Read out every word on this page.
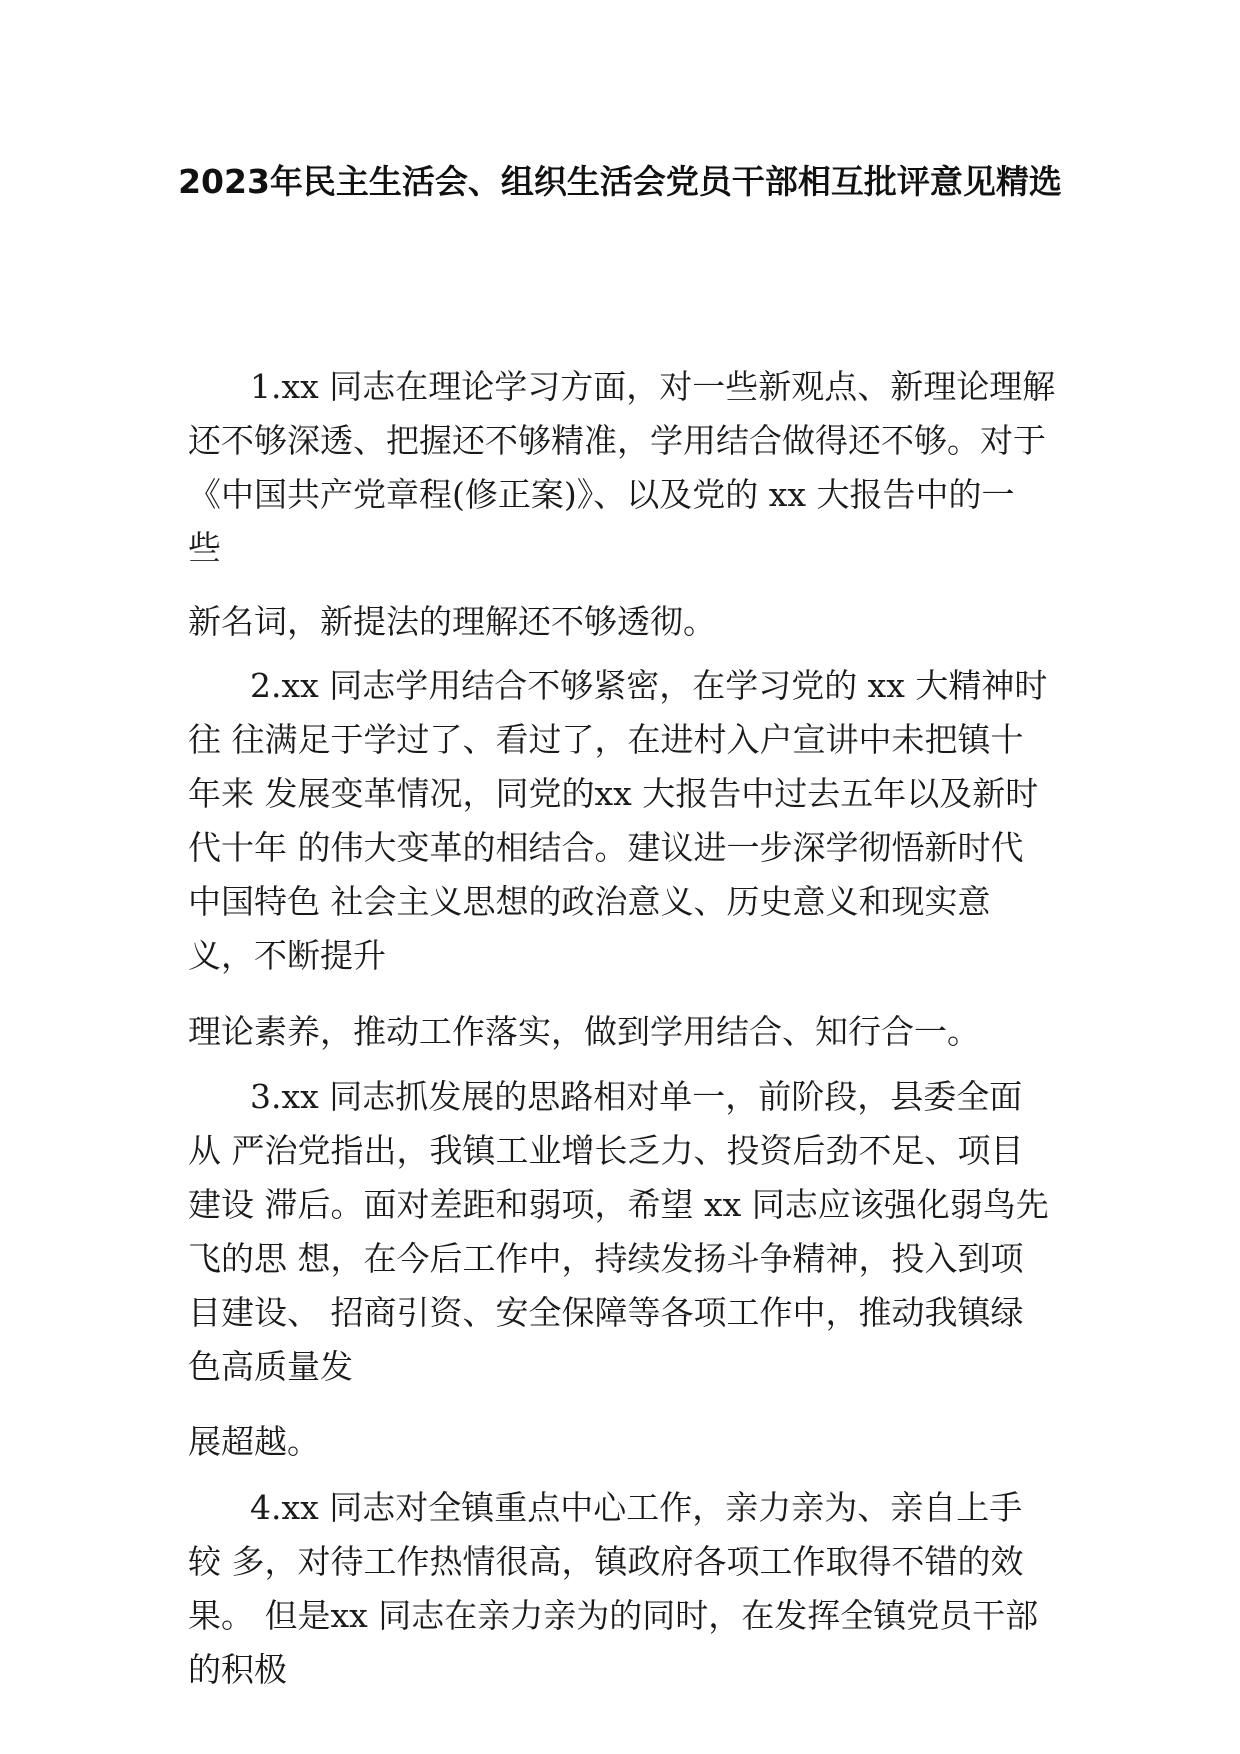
2023年民主生活会、组织生活会党员干部相互批评意见精选
1.xx 同志在理论学习方面，对一些新观点、新理论理解
还不够深透、把握还不够精准，学用结合做得还不够。对于
《中国共产党章程(修正案)》、以及党的 xx 大报告中的一
些
新名词，新提法的理解还不够透彻。
2.xx 同志学用结合不够紧密，在学习党的 xx 大精神时
往 往满足于学过了、看过了，在进村入户宣讲中未把镇十
年来 发展变革情况，同党的xx 大报告中过去五年以及新时
代十年 的伟大变革的相结合。建议进一步深学彻悟新时代
中国特色 社会主义思想的政治意义、历史意义和现实意
义，不断提升
理论素养，推动工作落实，做到学用结合、知行合一。
3.xx 同志抓发展的思路相对单一，前阶段，县委全面
从 严治党指出，我镇工业增长乏力、投资后劲不足、项目
建设 滞后。面对差距和弱项，希望 xx 同志应该强化弱鸟先
飞的思 想，在今后工作中，持续发扬斗争精神，投入到项
目建设、 招商引资、安全保障等各项工作中，推动我镇绿
色高质量发
展超越。
4.xx 同志对全镇重点中心工作，亲力亲为、亲自上手
较 多，对待工作热情很高，镇政府各项工作取得不错的效
果。 但是xx 同志在亲力亲为的同时，在发挥全镇党员干部
的积极
